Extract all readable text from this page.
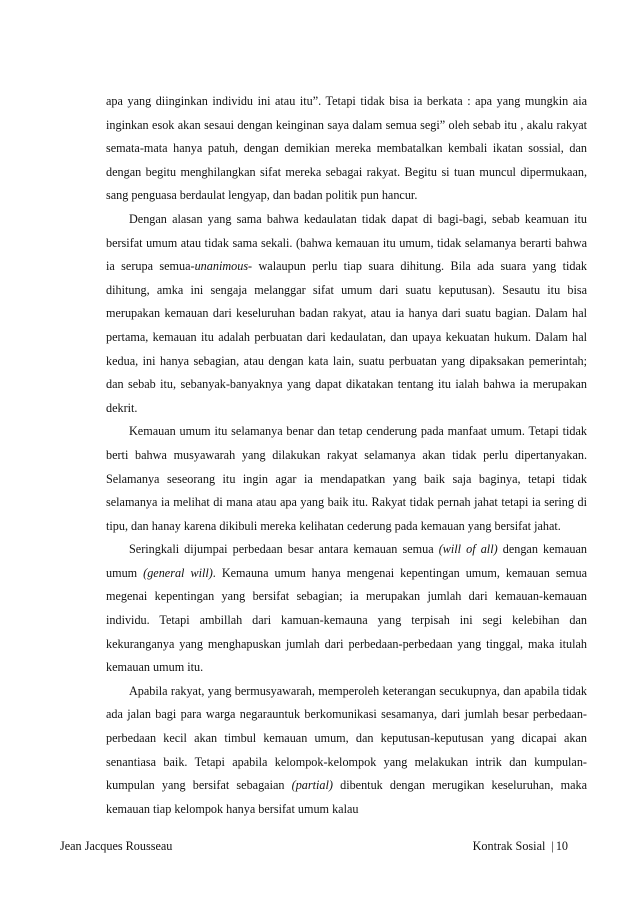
apa yang diinginkan individu ini atau itu”. Tetapi tidak bisa ia berkata : apa yang mungkin aia inginkan esok akan sesaui dengan keinginan saya dalam semua segi” oleh sebab itu , akalu rakyat semata-mata hanya patuh, dengan demikian mereka membatalkan kembali ikatan sossial, dan dengan begitu menghilangkan sifat mereka sebagai rakyat. Begitu si tuan muncul dipermukaan, sang penguasa berdaulat lengyap, dan badan politik pun hancur.

Dengan alasan yang sama bahwa kedaulatan tidak dapat di bagi-bagi, sebab keamuan itu bersifat umum atau tidak sama sekali. (bahwa kemauan itu umum, tidak selamanya berarti bahwa ia serupa semua-unanimous- walaupun perlu tiap suara dihitung. Bila ada suara yang tidak dihitung, amka ini sengaja melanggar sifat umum dari suatu keputusan). Sesautu itu bisa merupakan kemauan dari keseluruhan badan rakyat, atau ia hanya dari suatu bagian. Dalam hal pertama, kemauan itu adalah perbuatan dari kedaulatan, dan upaya kekuatan hukum. Dalam hal kedua, ini hanya sebagian, atau dengan kata lain, suatu perbuatan yang dipaksakan pemerintah; dan sebab itu, sebanyak-banyaknya yang dapat dikatakan tentang itu ialah bahwa ia merupakan dekrit.

Kemauan umum itu selamanya benar dan tetap cenderung pada manfaat umum. Tetapi tidak berti bahwa musyawarah yang dilakukan rakyat selamanya akan tidak perlu dipertanyakan. Selamanya seseorang itu ingin agar ia mendapatkan yang baik saja baginya, tetapi tidak selamanya ia melihat di mana atau apa yang baik itu. Rakyat tidak pernah jahat tetapi ia sering di tipu, dan hanay karena dikibuli mereka kelihatan cederung pada kemauan yang bersifat jahat.

Seringkali dijumpai perbedaan besar antara kemauan semua (will of all) dengan kemauan umum (general will). Kemauna umum hanya mengenai kepentingan umum, kemauan semua megenai kepentingan yang bersifat sebagian; ia merupakan jumlah dari kemauan-kemauan individu. Tetapi ambillah dari kamuan-kemauna yang terpisah ini segi kelebihan dan kekuranganya yang menghapuskan jumlah dari perbedaan-perbedaan yang tinggal, maka itulah kemauan umum itu.

Apabila rakyat, yang bermusyawarah, memperoleh keterangan secukupnya, dan apabila tidak ada jalan bagi para warga negarauntuk berkomunikasi sesamanya, dari jumlah besar perbedaan-perbedaan kecil akan timbul kemauan umum, dan keputusan-keputusan yang dicapai akan senantiasa baik. Tetapi apabila kelompok-kelompok yang melakukan intrik dan kumpulan-kumpulan yang bersifat sebagaian (partial) dibentuk dengan merugikan keseluruhan, maka kemauan tiap kelompok hanya bersifat umum kalau

Jean Jacques Rousseau	Kontrak Sosial | 10
